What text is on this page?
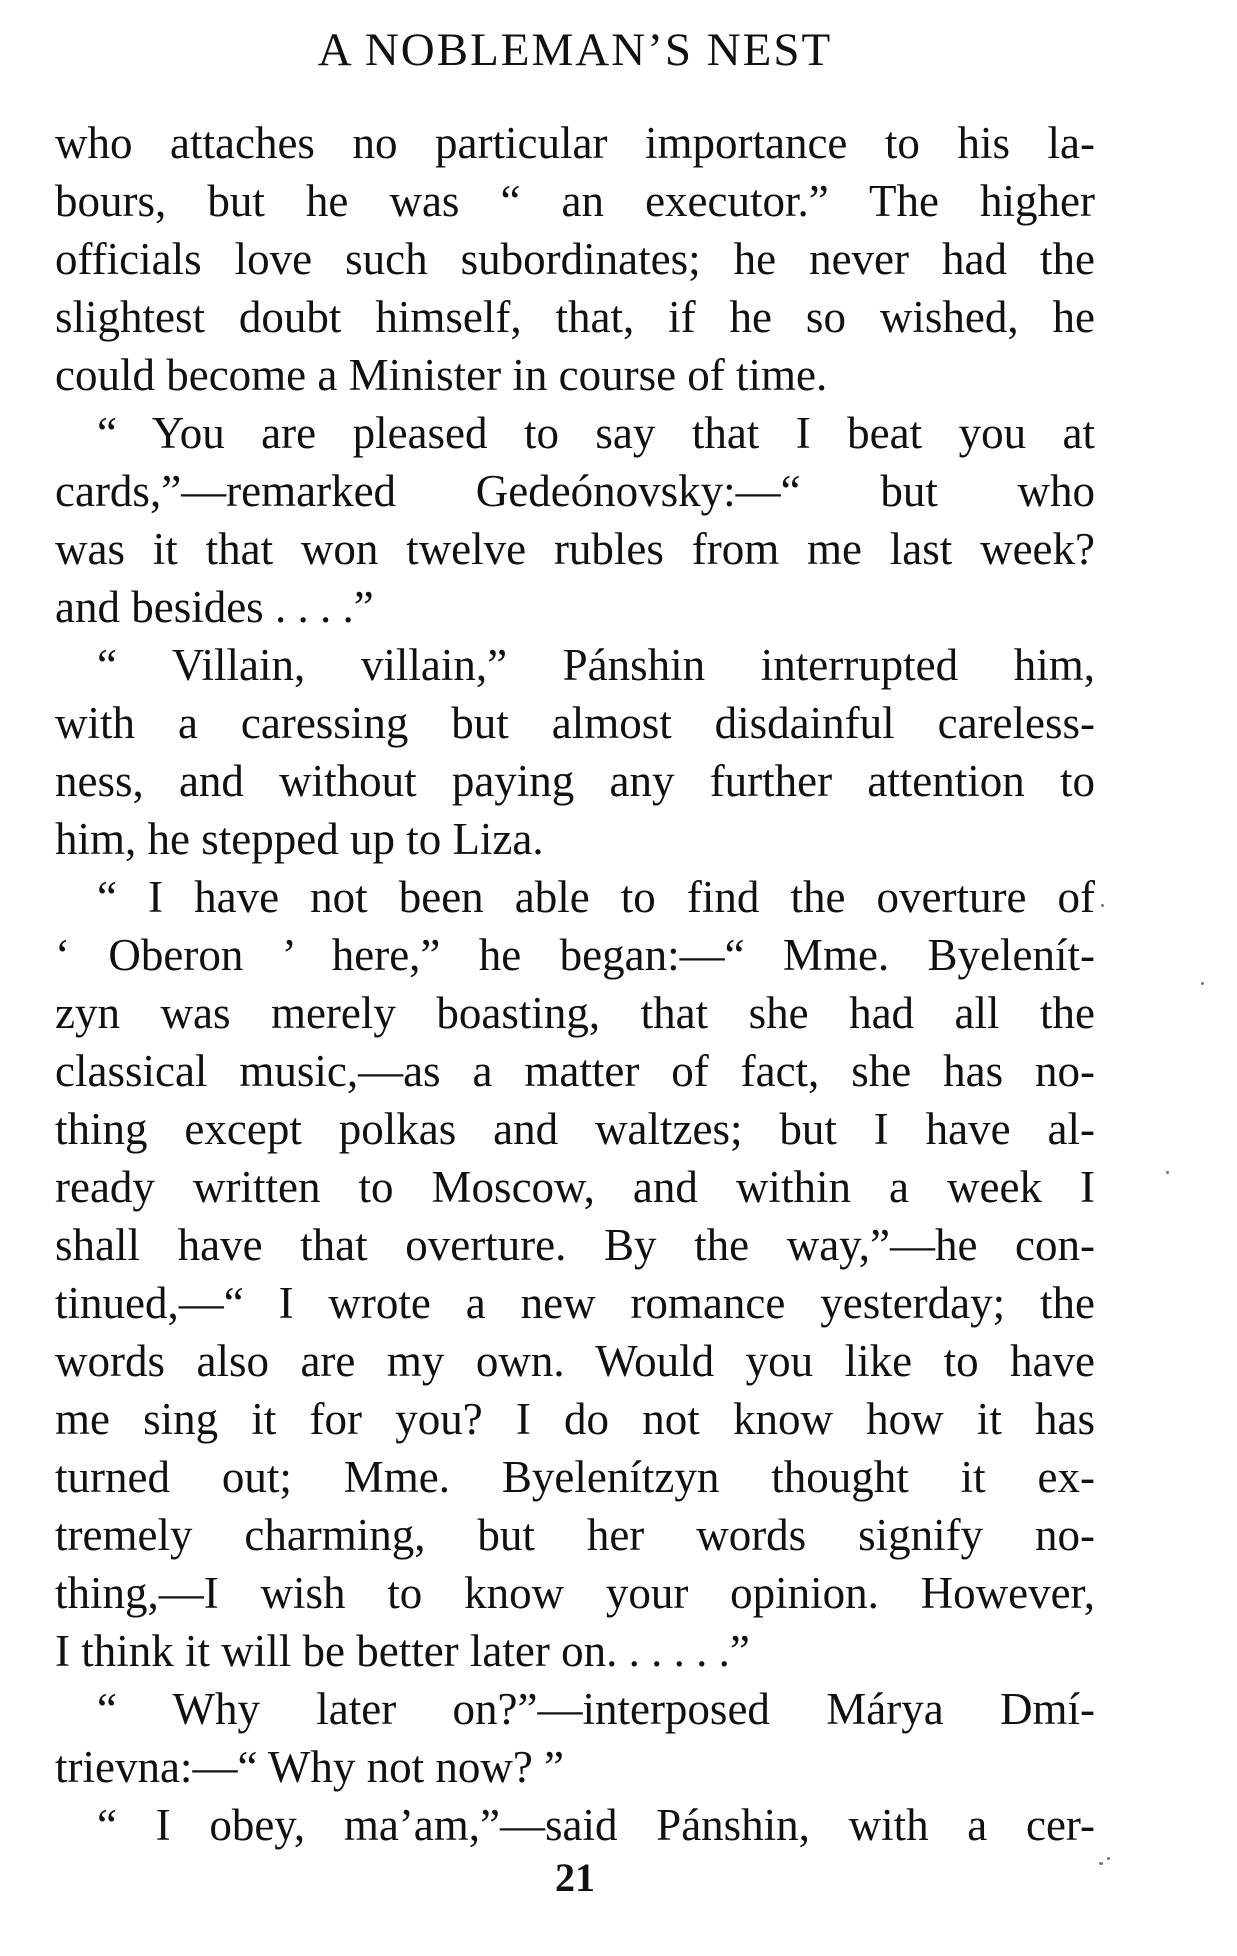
A NOBLEMAN’S NEST
who attaches no particular importance to his la-
bours, but he was “ an executor.” The higher
officials love such subordinates; he never had the
slightest doubt himself, that, if he so wished, he
could become a Minister in course of time.
“ You are pleased to say that I beat you at
cards,”—remarked Gedeónovsky:—“ but who
was it that won twelve rubles from me last week?
and besides . . . .”
“ Villain, villain,” Pánshin interrupted him,
with a caressing but almost disdainful careless-
ness, and without paying any further attention to
him, he stepped up to Liza.
“ I have not been able to find the overture of
‘ Oberon ’ here,” he began:—“ Mme. Byelenít-
zyn was merely boasting, that she had all the
classical music,—as a matter of fact, she has no-
thing except polkas and waltzes; but I have al-
ready written to Moscow, and within a week I
shall have that overture. By the way,”—he con-
tinued,—“ I wrote a new romance yesterday; the
words also are my own. Would you like to have
me sing it for you? I do not know how it has
turned out; Mme. Byelenítzyn thought it ex-
tremely charming, but her words signify no-
thing,—I wish to know your opinion. However,
I think it will be better later on. . . . . .”
“ Why later on?”—interposed Márya Dmí-
trievna:—“ Why not now? ”
“ I obey, ma’am,”—said Pánshin, with a cer-
21
